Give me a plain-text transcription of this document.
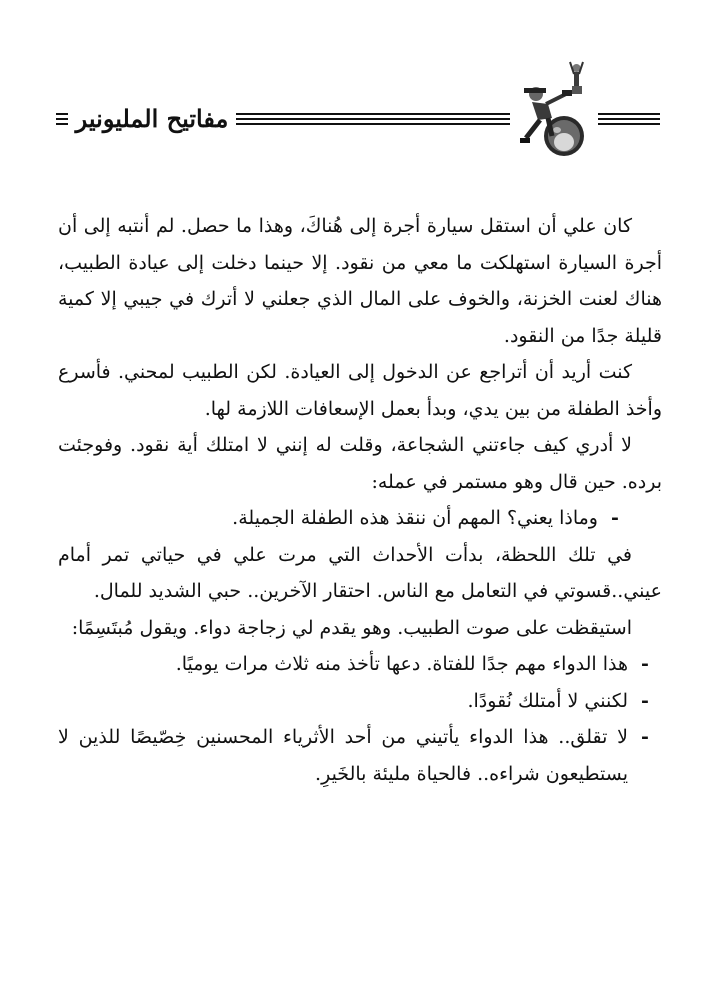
مفاتيح المليونير

كان علي أن استقل سيارة أجرة إلى هُناكَ، وهذا ما حصل. لم أنتبه إلى أن أجرة السيارة استهلكت ما معي من نقود. إلا حينما دخلت إلى عيادة الطبيب، هناك لعنت الخزنة، والخوف على المال الذي جعلني لا أترك في جيبي إلا كمية قليلة جدًا من النقود.

كنت أريد أن أتراجع عن الدخول إلى العيادة. لكن الطبيب لمحني. فأسرع وأخذ الطفلة من بين يدي، وبدأ بعمل الإسعافات اللازمة لها.

لا أدري كيف جاءتني الشجاعة، وقلت له إنني لا امتلك أية نقود. وفوجئت برده. حين قال وهو مستمر في عمله:

-
وماذا يعني؟ المهم أن ننقذ هذه الطفلة الجميلة.

في تلك اللحظة، بدأت الأحداث التي مرت علي في حياتي تمر أمام عيني..قسوتي في التعامل مع الناس. احتقار الآخرين.. حبي الشديد للمال.

استيقظت على صوت الطبيب. وهو يقدم لي زجاجة دواء. ويقول مُبتَسِمًا:

-
هذا الدواء مهم جدًا للفتاة. دعها تأخذ منه ثلاث مرات يوميًا.
-
لكنني لا أمتلك نُقودًا.
-
لا تقلق.. هذا الدواء يأتيني من أحد الأثرياء المحسنين خِصّيصًا للذين لا يستطيعون شراءه.. فالحياة مليئة بالخَيرِ.
